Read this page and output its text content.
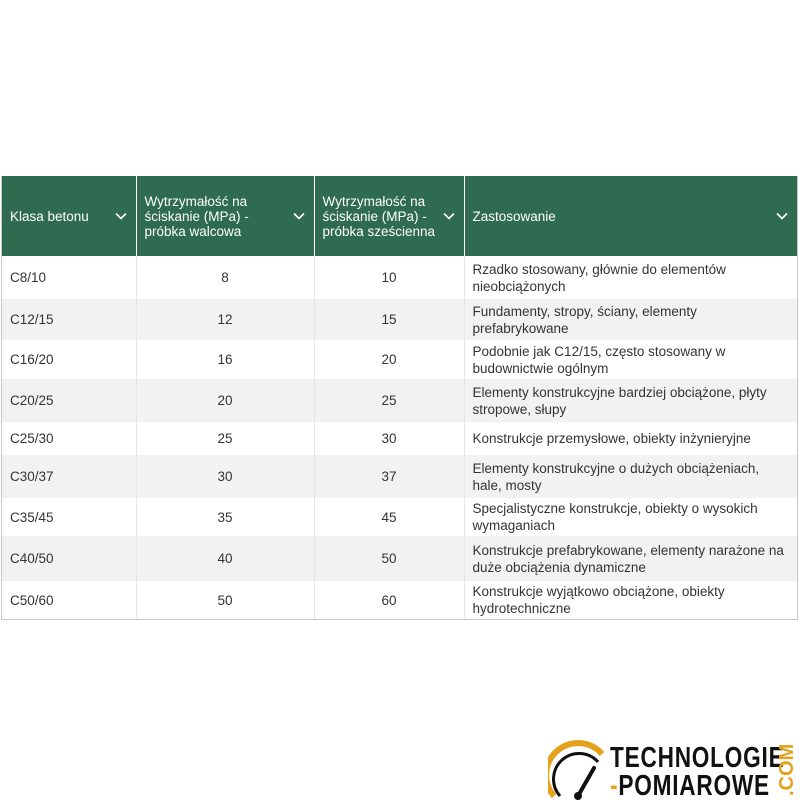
Klasa betonu	Wytrzymałość na ściskanie (MPa) - próbka walcowa	Wytrzymałość na ściskanie (MPa) - próbka sześcienna	Zastosowanie

C8/10	8	10	Rzadko stosowany, głównie do elementów nieobciążonych
C12/15	12	15	Fundamenty, stropy, ściany, elementy prefabrykowane
C16/20	16	20	Podobnie jak C12/15, często stosowany w budownictwie ogólnym
C20/25	20	25	Elementy konstrukcyjne bardziej obciążone, płyty stropowe, słupy
C25/30	25	30	Konstrukcje przemysłowe, obiekty inżynieryjne
C30/37	30	37	Elementy konstrukcyjne o dużych obciążeniach, hale, mosty
C35/45	35	45	Specjalistyczne konstrukcje, obiekty o wysokich wymaganiach
C40/50	40	50	Konstrukcje prefabrykowane, elementy narażone na duże obciążenia dynamiczne
C50/60	50	60	Konstrukcje wyjątkowo obciążone, obiekty hydrotechniczne
TECHNOLOGIE
-POMIAROWE .COM
